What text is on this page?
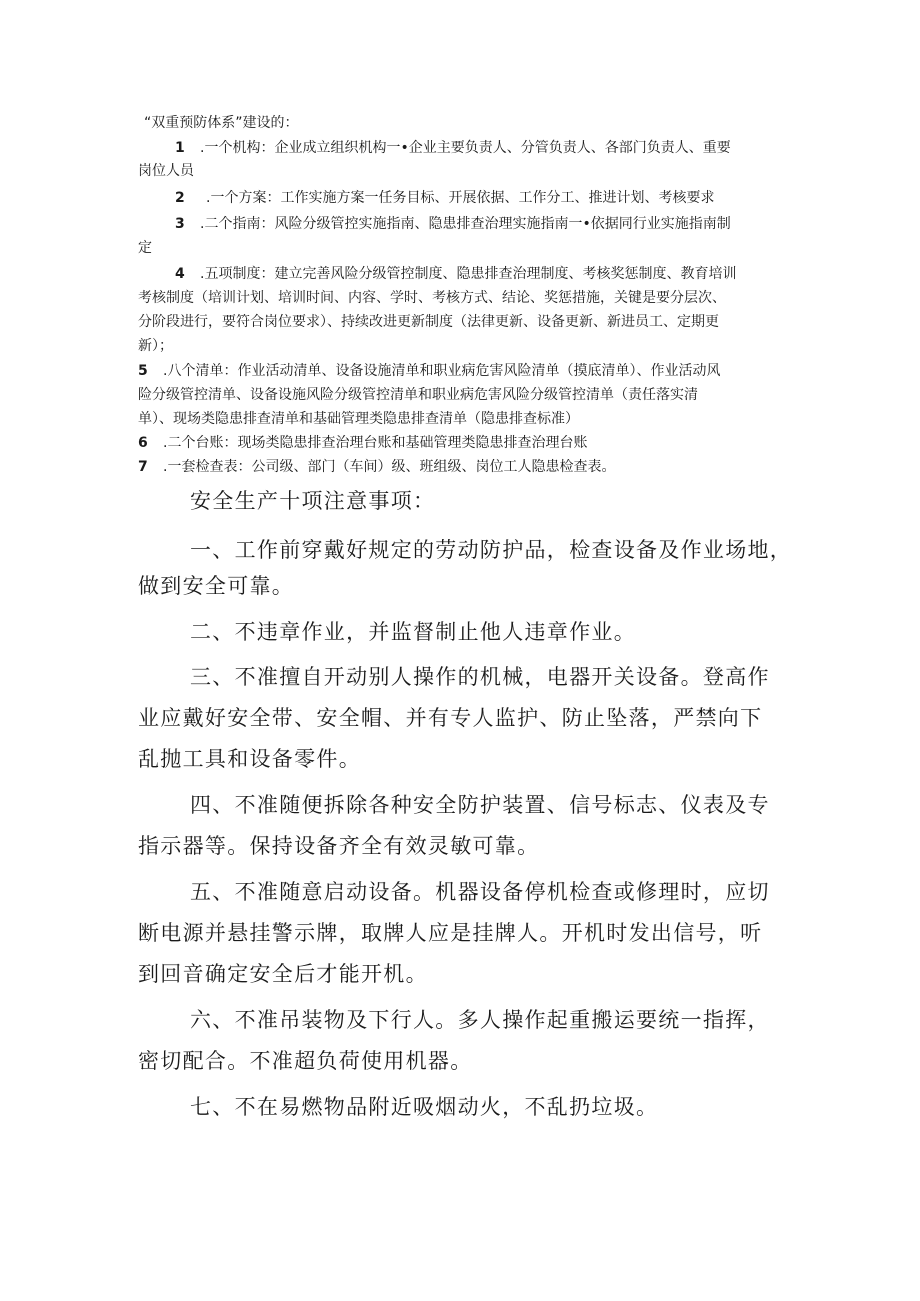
“双重预防体系”建设的：

1 .一个机构：企业成立组织机构一•企业主要负责人、分管负责人、各部门负责人、重要

岗位人员

2 .一个方案：工作实施方案一任务目标、开展依据、工作分工、推进计划、考核要求

3 .二个指南：风险分级管控实施指南、隐患排查治理实施指南一•依据同行业实施指南制

定

4 .五项制度：建立完善风险分级管控制度、隐患排查治理制度、考核奖惩制度、教育培训

考核制度（培训计划、培训时间、内容、学时、考核方式、结论、奖惩措施，关键是要分层次、

分阶段进行，要符合岗位要求）、持续改进更新制度（法律更新、设备更新、新进员工、定期更

新）；

5 .八个清单：作业活动清单、设备设施清单和职业病危害风险清单（摸底清单）、作业活动风

险分级管控清单、设备设施风险分级管控清单和职业病危害风险分级管控清单（责任落实清

单）、现场类隐患排查清单和基础管理类隐患排查清单（隐患排查标准）

6 .二个台账：现场类隐患排查治理台账和基础管理类隐患排查治理台账

7 .一套检查表：公司级、部门（车间）级、班组级、岗位工人隐患检查表。

安全生产十项注意事项：

一、工作前穿戴好规定的劳动防护品，检查设备及作业场地，

做到安全可靠。

二、不违章作业，并监督制止他人违章作业。

三、不准擅自开动别人操作的机械，电器开关设备。登高作

业应戴好安全带、安全帽、并有专人监护、防止坠落，严禁向下

乱抛工具和设备零件。

四、不准随便拆除各种安全防护装置、信号标志、仪表及专

指示器等。保持设备齐全有效灵敏可靠。

五、不准随意启动设备。机器设备停机检查或修理时，应切

断电源并悬挂警示牌，取牌人应是挂牌人。开机时发出信号，听

到回音确定安全后才能开机。

六、不准吊装物及下行人。多人操作起重搬运要统一指挥，

密切配合。不准超负荷使用机器。

七、不在易燃物品附近吸烟动火，不乱扔垃圾。
